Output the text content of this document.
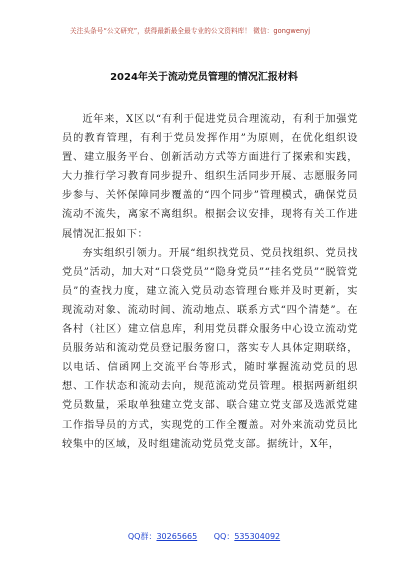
关注头条号“公文研究”，获得最新最全最专业的公文资料库！ 微信：gongwenyj
2024年关于流动党员管理的情况汇报材料

近年来，X区以“有利于促进党员合理流动，有利于加强党员的教育管理，有利于党员发挥作用”为原则，在优化组织设置、建立服务平台、创新活动方式等方面进行了探索和实践，大力推行学习教育同步提升、组织生活同步开展、志愿服务同步参与、关怀保障同步覆盖的“四个同步”管理模式，确保党员流动不流失，离家不离组织。根据会议安排，现将有关工作进展情况汇报如下：

夯实组织引领力。开展“组织找党员、党员找组织、党员找党员”活动，加大对“口袋党员”“隐身党员”“挂名党员”“脱管党员”的查找力度，建立流入党员动态管理台账并及时更新，实现流动对象、流动时间、流动地点、联系方式“四个清楚”。在各村（社区）建立信息库，利用党员群众服务中心设立流动党员服务站和流动党员登记服务窗口，落实专人具体定期联络，以电话、信函网上交流平台等形式，随时掌握流动党员的思想、工作状态和流动去向，规范流动党员管理。根据两新组织党员数量，采取单独建立党支部、联合建立党支部及选派党建工作指导员的方式，实现党的工作全覆盖。对外来流动党员比较集中的区域，及时组建流动党员党支部。据统计，X年，

QQ群：30265665 QQ：535304092
